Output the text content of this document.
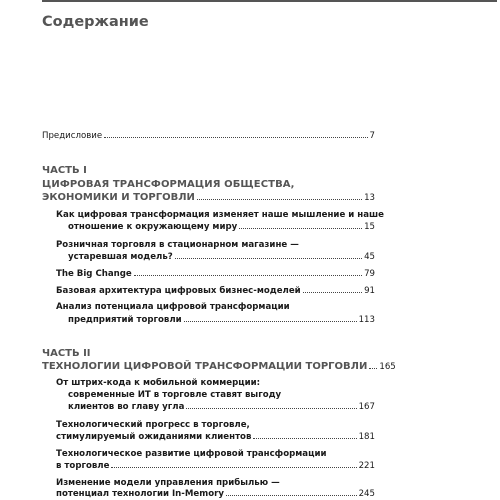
Содержание
Предисловие	7
ЧАСТЬ I
ЦИФРОВАЯ ТРАНСФОРМАЦИЯ ОБЩЕСТВА,
ЭКОНОМИКИ И ТОРГОВЛИ	13
Как цифровая трансформация изменяет наше мышление и наше
отношение к окружающему миру	15
Розничная торговля в стационарном магазине —
устаревшая модель?	45
The Big Change	79
Базовая архитектура цифровых бизнес-моделей	91
Анализ потенциала цифровой трансформации
предприятий торговли	113
ЧАСТЬ II
ТЕХНОЛОГИИ ЦИФРОВОЙ ТРАНСФОРМАЦИИ ТОРГОВЛИ 165
От штрих-кода к мобильной коммерции:
современные ИТ в торговле ставят выгоду
клиентов во главу угла	167
Технологический прогресс в торговле,
стимулируемый ожиданиями клиентов	181
Технологическое развитие цифровой трансформации
в торговле	221
Изменение модели управления прибылью —
потенциал технологии In-Memory	245
